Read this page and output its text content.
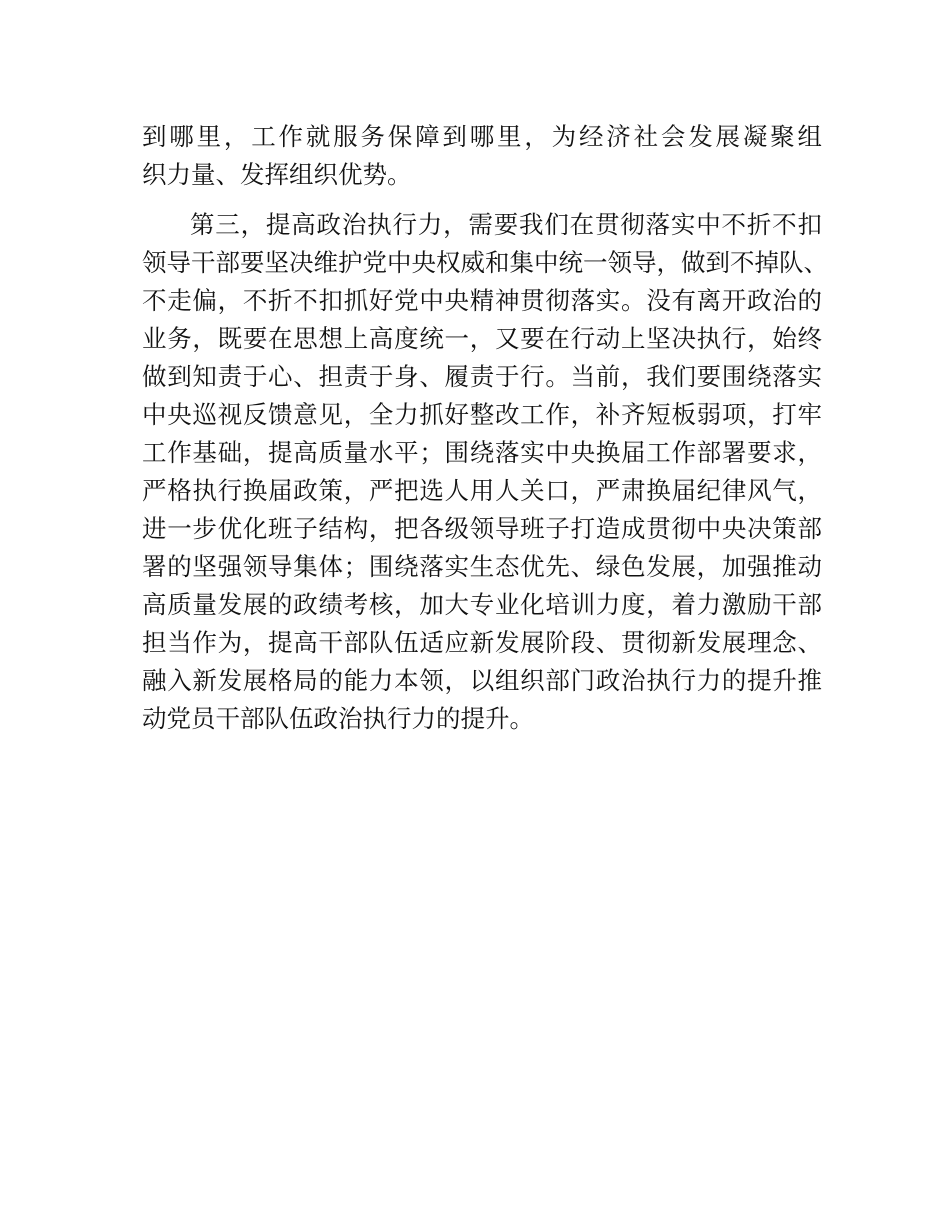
到哪里，工作就服务保障到哪里，为经济社会发展凝聚组
织力量、发挥组织优势。

第三，提高政治执行力，需要我们在贯彻落实中不折不扣
领导干部要坚决维护党中央权威和集中统一领导，做到不掉队、
不走偏，不折不扣抓好党中央精神贯彻落实。没有离开政治的
业务，既要在思想上高度统一，又要在行动上坚决执行，始终
做到知责于心、担责于身、履责于行。当前，我们要围绕落实
中央巡视反馈意见，全力抓好整改工作，补齐短板弱项，打牢
工作基础，提高质量水平；围绕落实中央换届工作部署要求，
严格执行换届政策，严把选人用人关口，严肃换届纪律风气，
进一步优化班子结构，把各级领导班子打造成贯彻中央决策部
署的坚强领导集体；围绕落实生态优先、绿色发展，加强推动
高质量发展的政绩考核，加大专业化培训力度，着力激励干部
担当作为，提高干部队伍适应新发展阶段、贯彻新发展理念、
融入新发展格局的能力本领，以组织部门政治执行力的提升推
动党员干部队伍政治执行力的提升。
